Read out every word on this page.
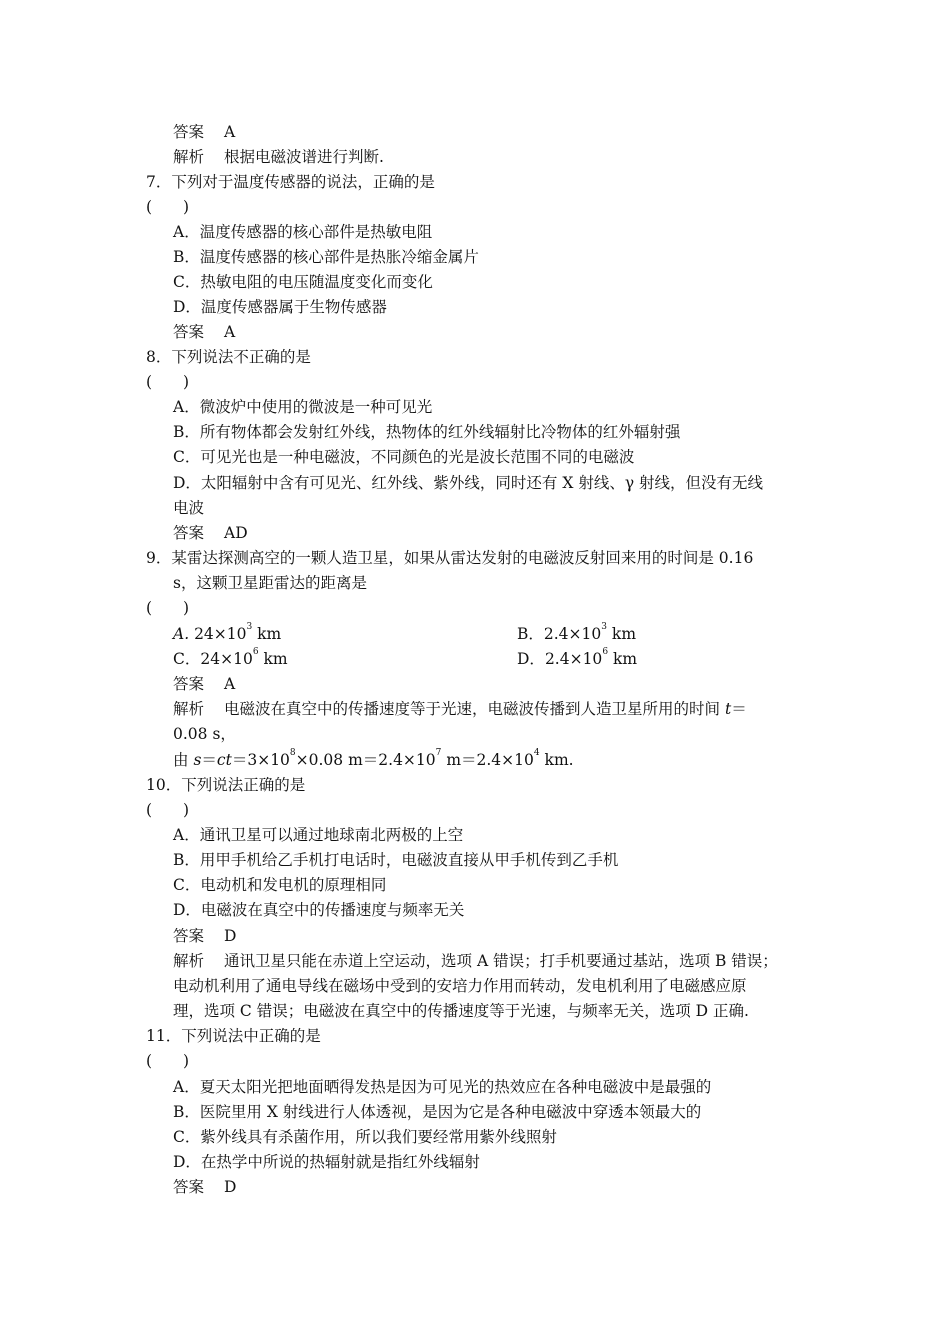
答案 A
解析 根据电磁波谱进行判断.
7．下列对于温度传感器的说法，正确的是
(　　)
A．温度传感器的核心部件是热敏电阻
B．温度传感器的核心部件是热胀冷缩金属片
C．热敏电阻的电压随温度变化而变化
D．温度传感器属于生物传感器
答案 A
8．下列说法不正确的是
(　　)
A．微波炉中使用的微波是一种可见光
B．所有物体都会发射红外线，热物体的红外线辐射比冷物体的红外辐射强
C．可见光也是一种电磁波，不同颜色的光是波长范围不同的电磁波
D．太阳辐射中含有可见光、红外线、紫外线，同时还有 X 射线、γ 射线，但没有无线
电波
答案 AD
9．某雷达探测高空的一颗人造卫星，如果从雷达发射的电磁波反射回来用的时间是 0.16
s，这颗卫星距雷达的距离是
(　　)
A. $24\times 10^3$ km	B．$2.4\times 10^3$ km
C．$24\times 10^6$ km	D．$2.4\times 10^6$ km
答案 A
解析 电磁波在真空中的传播速度等于光速，电磁波传播到人造卫星所用的时间 t＝
0.08 s，
由 $s=ct=3\times 10^8\times 0.08$ $m=2.4\times 10^7$ $m=2.4\times 10^4$ km.
10．下列说法正确的是
(　　)
A．通讯卫星可以通过地球南北两极的上空
B．用甲手机给乙手机打电话时，电磁波直接从甲手机传到乙手机
C．电动机和发电机的原理相同
D．电磁波在真空中的传播速度与频率无关
答案 D
解析 通讯卫星只能在赤道上空运动，选项 A 错误；打手机要通过基站，选项 B 错误；
电动机利用了通电导线在磁场中受到的安培力作用而转动，发电机利用了电磁感应原
理，选项 C 错误；电磁波在真空中的传播速度等于光速，与频率无关，选项 D 正确.
11．下列说法中正确的是
(　　)
A．夏天太阳光把地面晒得发热是因为可见光的热效应在各种电磁波中是最强的
B．医院里用 X 射线进行人体透视，是因为它是各种电磁波中穿透本领最大的
C．紫外线具有杀菌作用，所以我们要经常用紫外线照射
D．在热学中所说的热辐射就是指红外线辐射
答案 D
